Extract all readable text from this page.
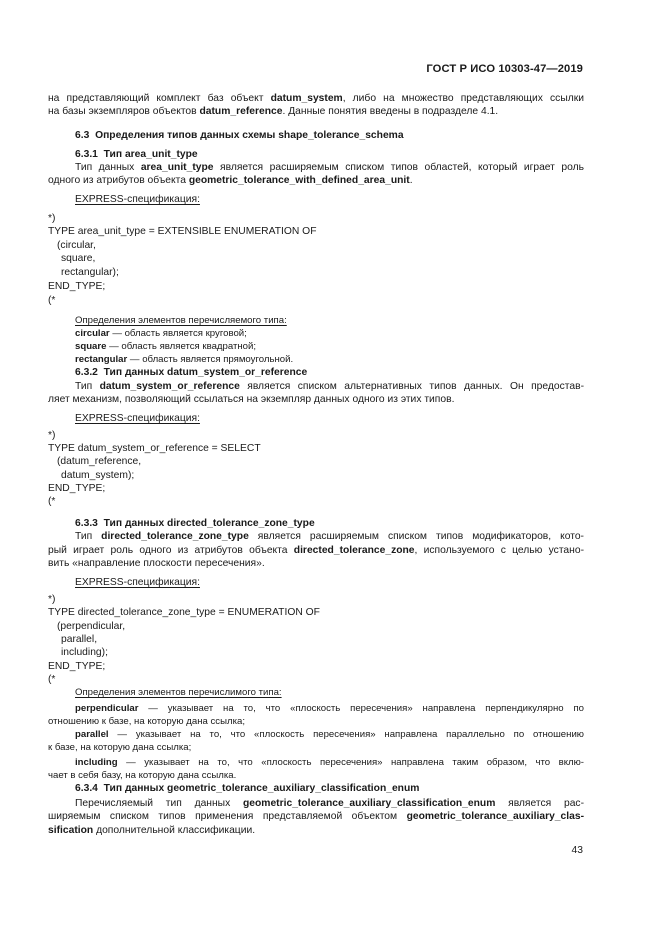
ГОСТ Р ИСО 10303-47—2019
на представляющий комплект баз объект datum_system, либо на множество представляющих ссылки
на базы экземпляров объектов datum_reference. Данные понятия введены в подразделе 4.1.
6.3 Определения типов данных схемы shape_tolerance_schema
6.3.1 Тип area_unit_type
Тип данных area_unit_type является расширяемым списком типов областей, который играет роль
одного из атрибутов объекта geometric_tolerance_with_defined_area_unit.
EXPRESS-спецификация:
*)
TYPE area_unit_type = EXTENSIBLE ENUMERATION OF
(circular,
square,
rectangular);
END_TYPE;
(*
Определения элементов перечисляемого типа:
circular — область является круговой;
square — область является квадратной;
rectangular — область является прямоугольной.
6.3.2 Тип данных datum_system_or_reference
Тип datum_system_or_reference является списком альтернативных типов данных. Он предостав-
ляет механизм, позволяющий ссылаться на экземпляр данных одного из этих типов.
EXPRESS-спецификация:
*)
TYPE datum_system_or_reference = SELECT
(datum_reference,
datum_system);
END_TYPE;
(*
6.3.3 Тип данных directed_tolerance_zone_type
Тип directed_tolerance_zone_type является расширяемым списком типов модификаторов, кото-
рый играет роль одного из атрибутов объекта directed_tolerance_zone, используемого с целью устано-
вить «направление плоскости пересечения».
EXPRESS-спецификация:
*)
TYPE directed_tolerance_zone_type = ENUMERATION OF
(perpendicular,
parallel,
including);
END_TYPE;
(*
Определения элементов перечислимого типа:
perpendicular — указывает на то, что «плоскость пересечения» направлена перпендикулярно по
отношению к базе, на которую дана ссылка;
parallel — указывает на то, что «плоскость пересечения» направлена параллельно по отношению
к базе, на которую дана ссылка;
including — указывает на то, что «плоскость пересечения» направлена таким образом, что вклю-
чает в себя базу, на которую дана ссылка.
6.3.4 Тип данных geometric_tolerance_auxiliary_classification_enum
Перечисляемый тип данных geometric_tolerance_auxiliary_classification_enum является рас-
ширяемым списком типов применения представляемой объектом geometric_tolerance_auxiliary_clas-
sification дополнительной классификации.
43
